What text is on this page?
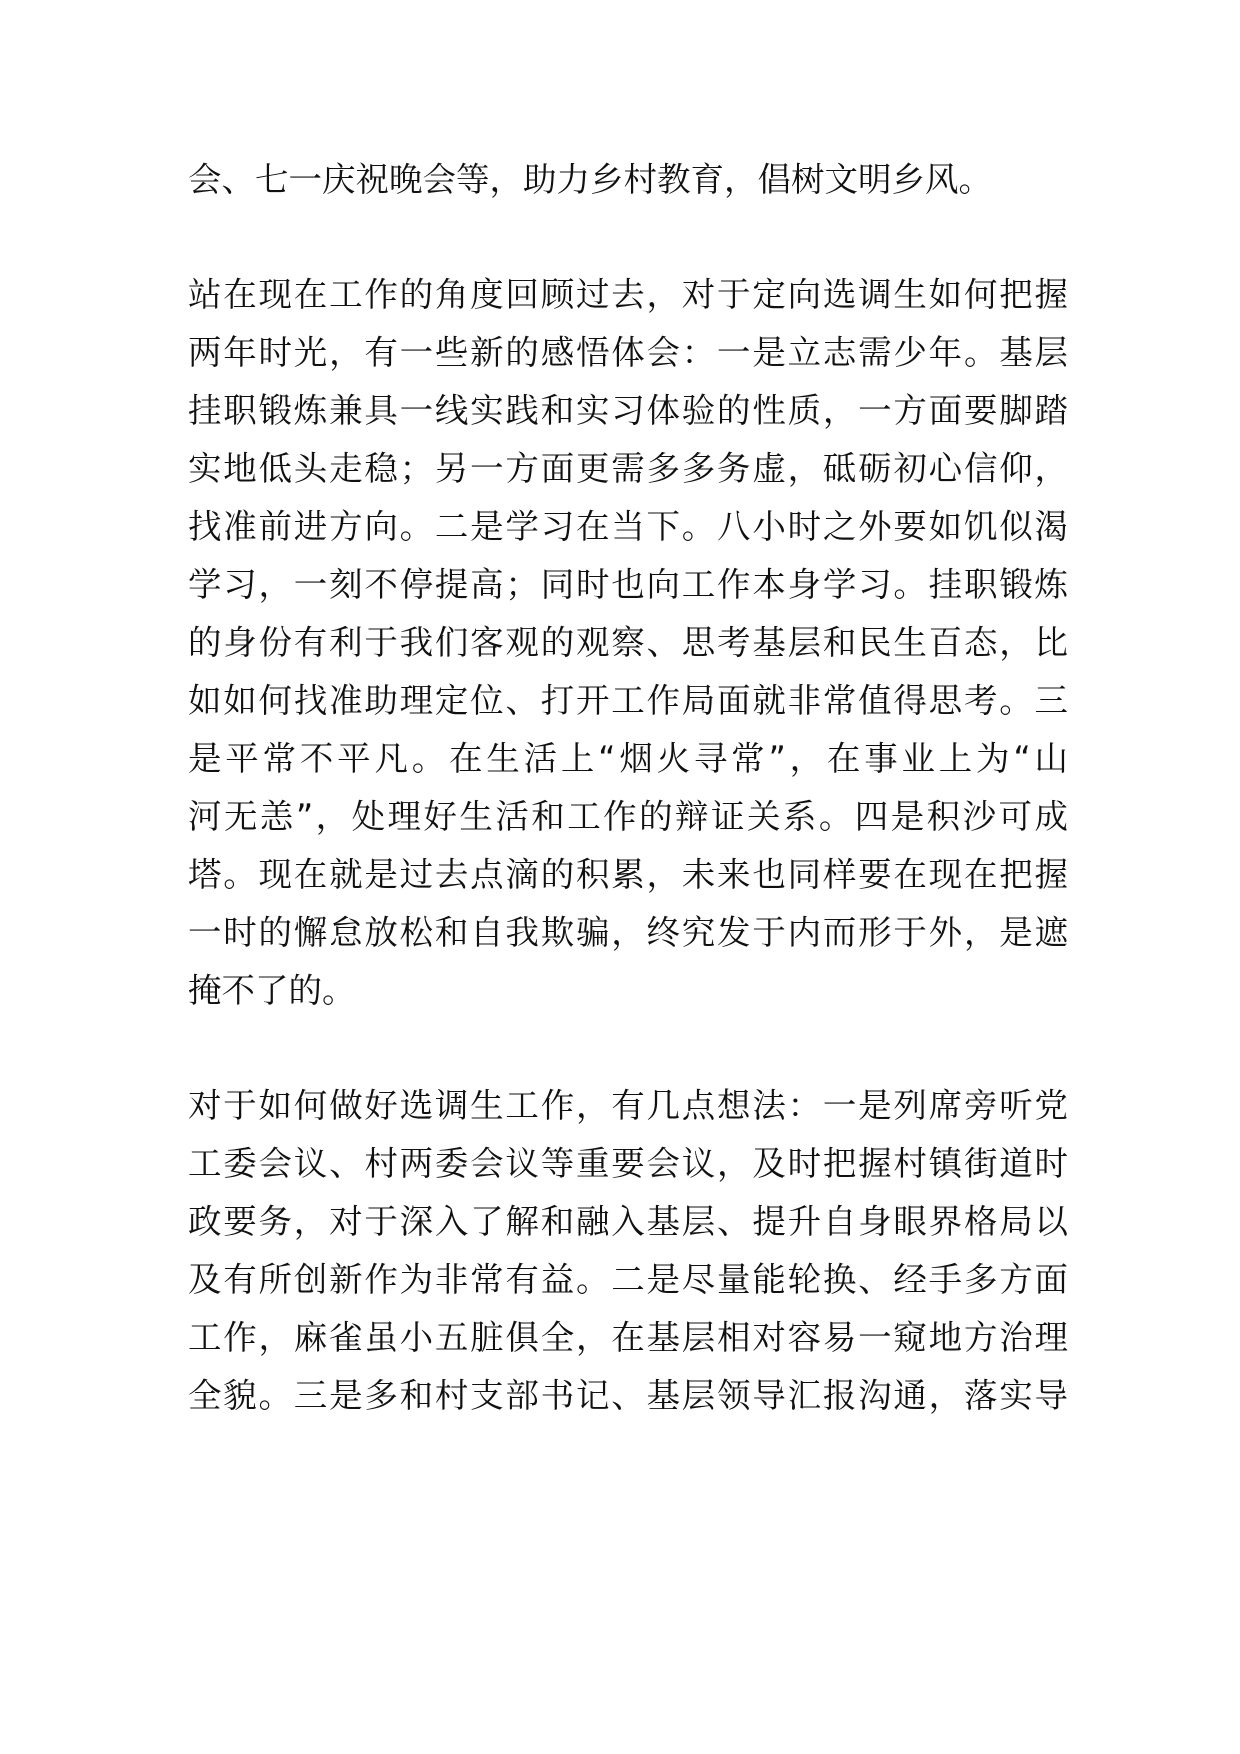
会、七一庆祝晚会等，助力乡村教育，倡树文明乡风。
站在现在工作的角度回顾过去，对于定向选调生如何把握
两年时光，有一些新的感悟体会：一是立志需少年。基层
挂职锻炼兼具一线实践和实习体验的性质，一方面要脚踏
实地低头走稳；另一方面更需多多务虚，砥砺初心信仰，
找准前进方向。二是学习在当下。八小时之外要如饥似渴
学习，一刻不停提高；同时也向工作本身学习。挂职锻炼
的身份有利于我们客观的观察、思考基层和民生百态，比
如如何找准助理定位、打开工作局面就非常值得思考。三
是平常不平凡。在生活上“烟火寻常”，在事业上为“山
河无恙”，处理好生活和工作的辩证关系。四是积沙可成
塔。现在就是过去点滴的积累，未来也同样要在现在把握
一时的懈怠放松和自我欺骗，终究发于内而形于外，是遮
掩不了的。
对于如何做好选调生工作，有几点想法：一是列席旁听党
工委会议、村两委会议等重要会议，及时把握村镇街道时
政要务，对于深入了解和融入基层、提升自身眼界格局以
及有所创新作为非常有益。二是尽量能轮换、经手多方面
工作，麻雀虽小五脏俱全，在基层相对容易一窥地方治理
全貌。三是多和村支部书记、基层领导汇报沟通，落实导
